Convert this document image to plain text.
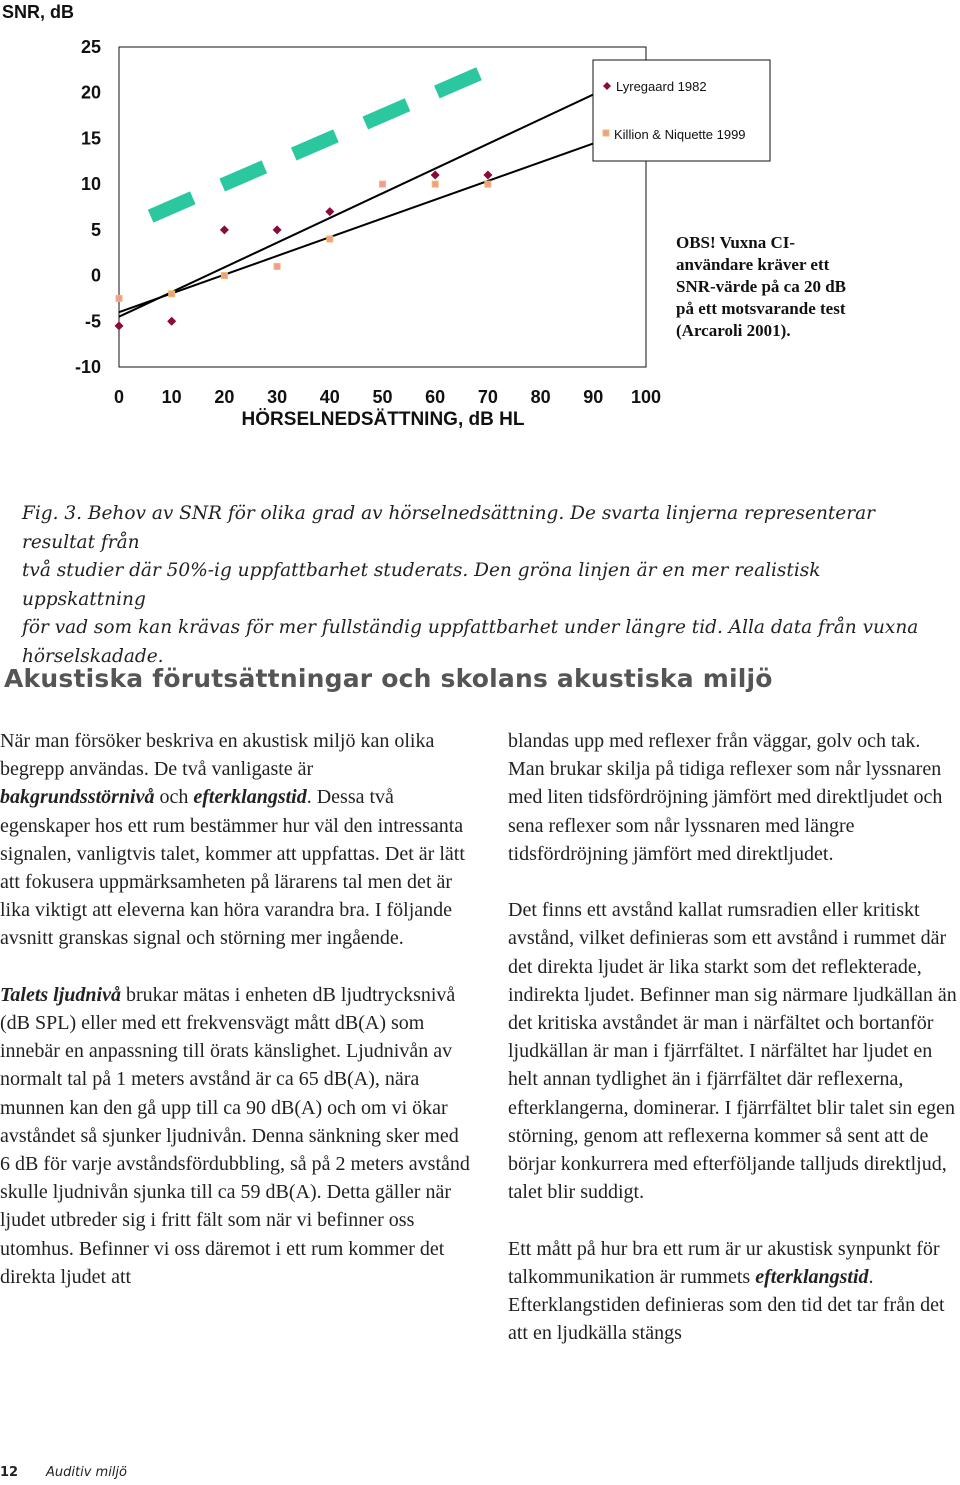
SNR, dB
25
20
15
10
5
0
-5
-10
0 10 20 30 40 50 60 70 80 90 100
HÖRSELNEDSÄTTNING, dB HL
Lyregaard 1982
Killion & Niquette 1999
OBS! Vuxna CI-
användare kräver ett
SNR-värde på ca 20 dB
på ett motsvarande test
(Arcaroli 2001).
Fig. 3. Behov av SNR för olika grad av hörselnedsättning. De svarta linjerna representerar resultat från
två studier där 50%-ig uppfattbarhet studerats. Den gröna linjen är en mer realistisk uppskattning
för vad som kan krävas för mer fullständig uppfattbarhet under längre tid. Alla data från vuxna
hörselskadade.
Akustiska förutsättningar och skolans akustiska miljö

När man försöker beskriva en akustisk miljö kan olika begrepp användas. De två vanligaste är bakgrundsstörnivå och efterklangstid. Dessa två egenskaper hos ett rum bestämmer hur väl den intressanta signalen, vanligtvis talet, kommer att uppfattas. Det är lätt att fokusera uppmärksamheten på lärarens tal men det är lika viktigt att eleverna kan höra varandra bra. I följande avsnitt granskas signal och störning mer ingående.

Talets ljudnivå brukar mätas i enheten dB ljudtrycksnivå (dB SPL) eller med ett frekvensvägt mått dB(A) som innebär en anpassning till örats känslighet. Ljudnivån av normalt tal på 1 meters avstånd är ca 65 dB(A), nära munnen kan den gå upp till ca 90 dB(A) och om vi ökar avståndet så sjunker ljudnivån. Denna sänkning sker med 6 dB för varje avståndsfördubbling, så på 2 meters avstånd skulle ljudnivån sjunka till ca 59 dB(A). Detta gäller när ljudet utbreder sig i fritt fält som när vi befinner oss utomhus. Befinner vi oss däremot i ett rum kommer det direkta ljudet att

blandas upp med reflexer från väggar, golv och tak. Man brukar skilja på tidiga reflexer som når lyssnaren med liten tidsfördröjning jämfört med direktljudet och sena reflexer som når lyssnaren med längre tidsfördröjning jämfört med direktljudet.

Det finns ett avstånd kallat rumsradien eller kritiskt avstånd, vilket definieras som ett avstånd i rummet där det direkta ljudet är lika starkt som det reflekterade, indirekta ljudet. Befinner man sig närmare ljudkällan än det kritiska avståndet är man i närfältet och bortanför ljudkällan är man i fjärrfältet. I närfältet har ljudet en helt annan tydlighet än i fjärrfältet där reflexerna, efterklangerna, dominerar. I fjärrfältet blir talet sin egen störning, genom att reflexerna kommer så sent att de börjar konkurrera med efterföljande talljuds direktljud, talet blir suddigt.

Ett mått på hur bra ett rum är ur akustisk synpunkt för talkommunikation är rummets efterklangstid. Efterklangstiden definieras som den tid det tar från det att en ljudkälla stängs

12 Auditiv miljö
